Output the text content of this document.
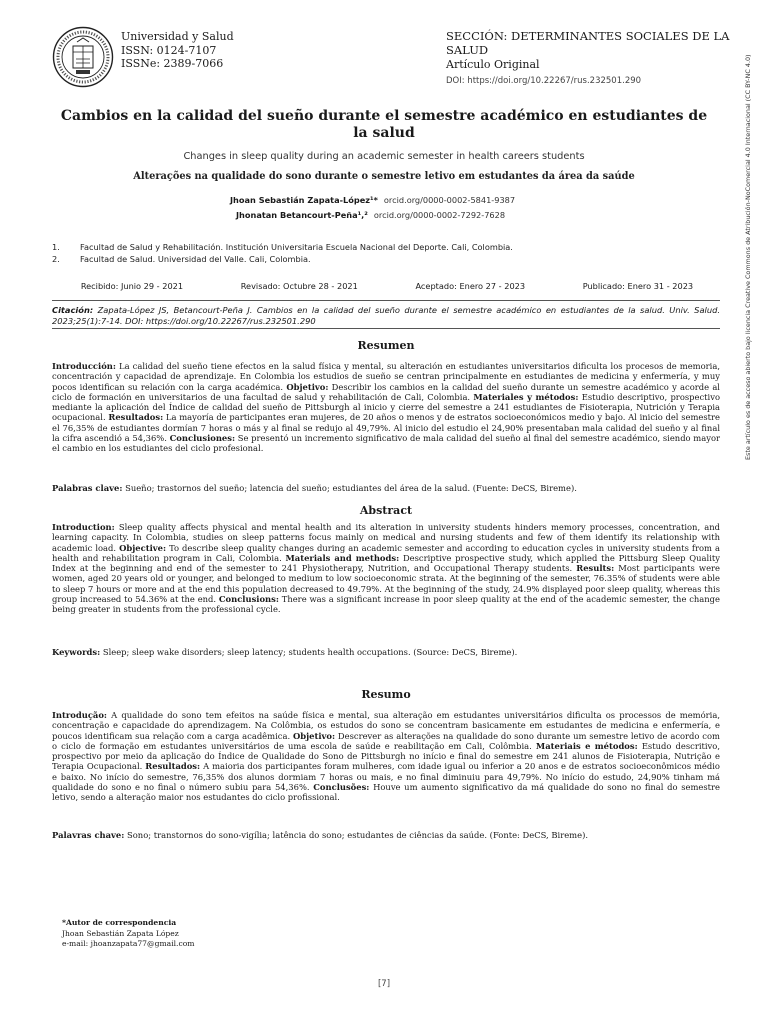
Universidad y Salud
ISSN: 0124-7107
ISSNe: 2389-7066
SECCIÓN: DETERMINANTES SOCIALES DE LA SALUD
Artículo Original
DOI: https://doi.org/10.22267/rus.232501.290	Este artículo es de acceso abierto bajo licencia Creative Commons de Atribución-NoComercial 4.0 Internacional (CC BY-NC 4.0)
Cambios en la calidad del sueño durante el semestre académico en estudiantes de la salud
Changes in sleep quality during an academic semester in health careers students
Alterações na qualidade do sono durante o semestre letivo em estudantes da área da saúde
Jhoan Sebastián Zapata-López¹* orcid.org/0000-0002-5841-9387
Jhonatan Betancourt-Peña¹,² orcid.org/0000-0002-7292-7628
1. Facultad de Salud y Rehabilitación. Institución Universitaria Escuela Nacional del Deporte. Cali, Colombia.
2. Facultad de Salud. Universidad del Valle. Cali, Colombia.
Recibido: Junio 29 - 2021	Revisado: Octubre 28 - 2021	Aceptado: Enero 27 - 2023	Publicado: Enero 31 - 2023
Citación: Zapata-López JS, Betancourt-Peña J. Cambios en la calidad del sueño durante el semestre académico en estudiantes de la salud. Univ. Salud. 2023;25(1):7-14. DOI: https://doi.org/10.22267/rus.232501.290
Resumen
Introducción: La calidad del sueño tiene efectos en la salud física y mental, su alteración en estudiantes universitarios dificulta los procesos de memoria, concentración y capacidad de aprendizaje. En Colombia los estudios de sueño se centran principalmente en estudiantes de medicina y enfermería, y muy pocos identifican su relación con la carga académica. Objetivo: Describir los cambios en la calidad del sueño durante un semestre académico y acorde al ciclo de formación en universitarios de una facultad de salud y rehabilitación de Cali, Colombia. Materiales y métodos: Estudio descriptivo, prospectivo mediante la aplicación del Índice de calidad del sueño de Pittsburgh al inicio y cierre del semestre a 241 estudiantes de Fisioterapia, Nutrición y Terapia ocupacional. Resultados: La mayoría de participantes eran mujeres, de 20 años o menos y de estratos socioeconómicos medio y bajo. Al inicio del semestre el 76,35% de estudiantes dormían 7 horas o más y al final se redujo al 49,79%. Al inicio del estudio el 24,90% presentaban mala calidad del sueño y al final la cifra ascendió a 54,36%. Conclusiones: Se presentó un incremento significativo de mala calidad del sueño al final del semestre académico, siendo mayor el cambio en los estudiantes del ciclo profesional.
Palabras clave: Sueño; trastornos del sueño; latencia del sueño; estudiantes del área de la salud. (Fuente: DeCS, Bireme).
Abstract
Introduction: Sleep quality affects physical and mental health and its alteration in university students hinders memory processes, concentration, and learning capacity. In Colombia, studies on sleep patterns focus mainly on medical and nursing students and few of them identify its relationship with academic load. Objective: To describe sleep quality changes during an academic semester and according to education cycles in university students from a health and rehabilitation program in Cali, Colombia. Materials and methods: Descriptive prospective study, which applied the Pittsburg Sleep Quality Index at the beginning and end of the semester to 241 Physiotherapy, Nutrition, and Occupational Therapy students. Results: Most participants were women, aged 20 years old or younger, and belonged to medium to low socioeconomic strata. At the beginning of the semester, 76.35% of students were able to sleep 7 hours or more and at the end this population decreased to 49.79%. At the beginning of the study, 24.9% displayed poor sleep quality, whereas this group increased to 54.36% at the end. Conclusions: There was a significant increase in poor sleep quality at the end of the academic semester, the change being greater in students from the professional cycle.
Keywords: Sleep; sleep wake disorders; sleep latency; students health occupations. (Source: DeCS, Bireme).
Resumo
Introdução: A qualidade do sono tem efeitos na saúde física e mental, sua alteração em estudantes universitários dificulta os processos de memória, concentração e capacidade do aprendizagem. Na Colômbia, os estudos do sono se concentram basicamente em estudantes de medicina e enfermería, e poucos identificam sua relação com a carga acadêmica. Objetivo: Descrever as alterações na qualidade do sono durante um semestre letivo de acordo com o ciclo de formação em estudantes universitários de uma escola de saúde e reabilitação em Cali, Colômbia. Materiais e métodos: Estudo descritivo, prospectivo por meio da aplicação do Índice de Qualidade do Sono de Pittsburgh no início e final do semestre em 241 alunos de Fisioterapia, Nutrição e Terapia Ocupacional. Resultados: A maioria dos participantes foram mulheres, com idade igual ou inferior a 20 anos e de estratos socioeconômicos médio e baixo. No início do semestre, 76,35% dos alunos dormiam 7 horas ou mais, e no final diminuiu para 49,79%. No início do estudo, 24,90% tinham má qualidade do sono e no final o número subiu para 54,36%. Conclusões: Houve um aumento significativo da má qualidade do sono no final do semestre letivo, sendo a alteração maior nos estudantes do ciclo profissional.
Palavras chave: Sono; transtornos do sono-vigília; latência do sono; estudantes de ciências da saúde. (Fonte: DeCS, Bireme).
*Autor de correspondencia
Jhoan Sebastián Zapata López
e-mail: jhoanzapata77@gmail.com
[7]
